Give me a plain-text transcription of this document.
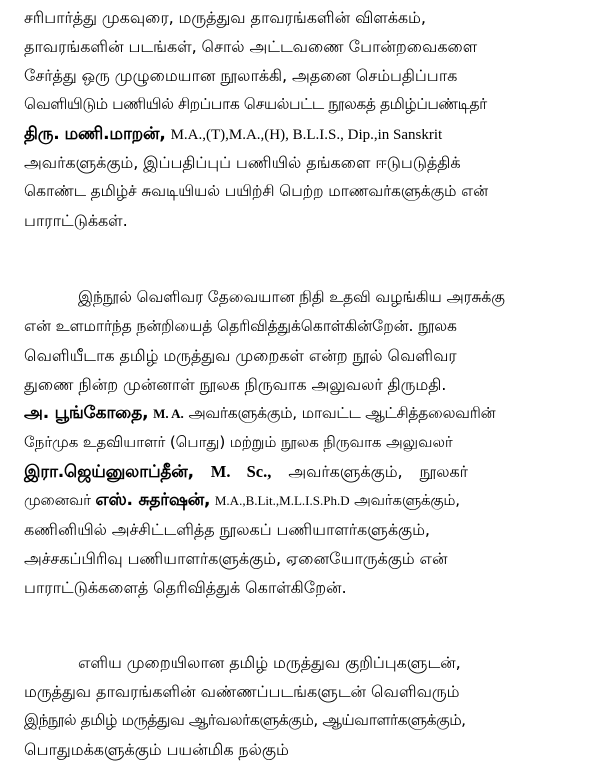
சரிபார்த்து முகவுரை, மருத்துவ தாவரங்களின் விளக்கம்,
தாவரங்களின் படங்கள், சொல் அட்டவணை போன்றவைகளை
சேர்த்து ஒரு முழுமையான நூலாக்கி, அதனை செம்பதிப்பாக
வெளியிடும் பணியில் சிறப்பாக செயல்பட்ட நூலகத் தமிழ்ப்பண்டிதர்
திரு. மணி.மாறன், M.A.,(T),M.A.,(H), B.L.I.S., Dip.,in Sanskrit
அவர்களுக்கும், இப்பதிப்புப் பணியில் தங்களை ஈடுபடுத்திக்
கொண்ட தமிழ்ச் சுவடியியல் பயிற்சி பெற்ற மாணவர்களுக்கும் என்
பாராட்டுக்கள்.
இந்நூல் வெளிவர தேவையான நிதி உதவி வழங்கிய அரசுக்கு
என் உளமார்ந்த நன்றியைத் தெரிவித்துக்கொள்கின்றேன். நூலக
வெளியீடாக தமிழ் மருத்துவ முறைகள் என்ற நூல் வெளிவர
துணை நின்ற முன்னாள் நூலக நிருவாக அலுவலர் திருமதி.
அ. பூங்கோதை, M. A. அவர்களுக்கும், மாவட்ட ஆட்சித்தலைவரின்
நேர்முக உதவியாளர் (பொது) மற்றும் நூலக நிருவாக அலுவலர்
இரா.ஜெய்னுலாப்தீன், M. Sc., அவர்களுக்கும், நூலகர்
முனைவர் எஸ். சுதர்ஷன், M.A.,B.Lit.,M.L.I.S.Ph.D அவர்களுக்கும்,
கணினியில் அச்சிட்டளித்த நூலகப் பணியாளர்களுக்கும்,
அச்சகப்பிரிவு பணியாளர்களுக்கும், ஏனையோருக்கும் என்
பாராட்டுக்களைத் தெரிவித்துக் கொள்கிறேன்.
எளிய முறையிலான தமிழ் மருத்துவ குறிப்புகளுடன்,
மருத்துவ தாவரங்களின் வண்ணப்படங்களுடன் வெளிவரும்
இந்நூல் தமிழ் மருத்துவ ஆர்வலர்களுக்கும், ஆய்வாளர்களுக்கும்,
பொதுமக்களுக்கும் பயன்மிக நல்கும்
